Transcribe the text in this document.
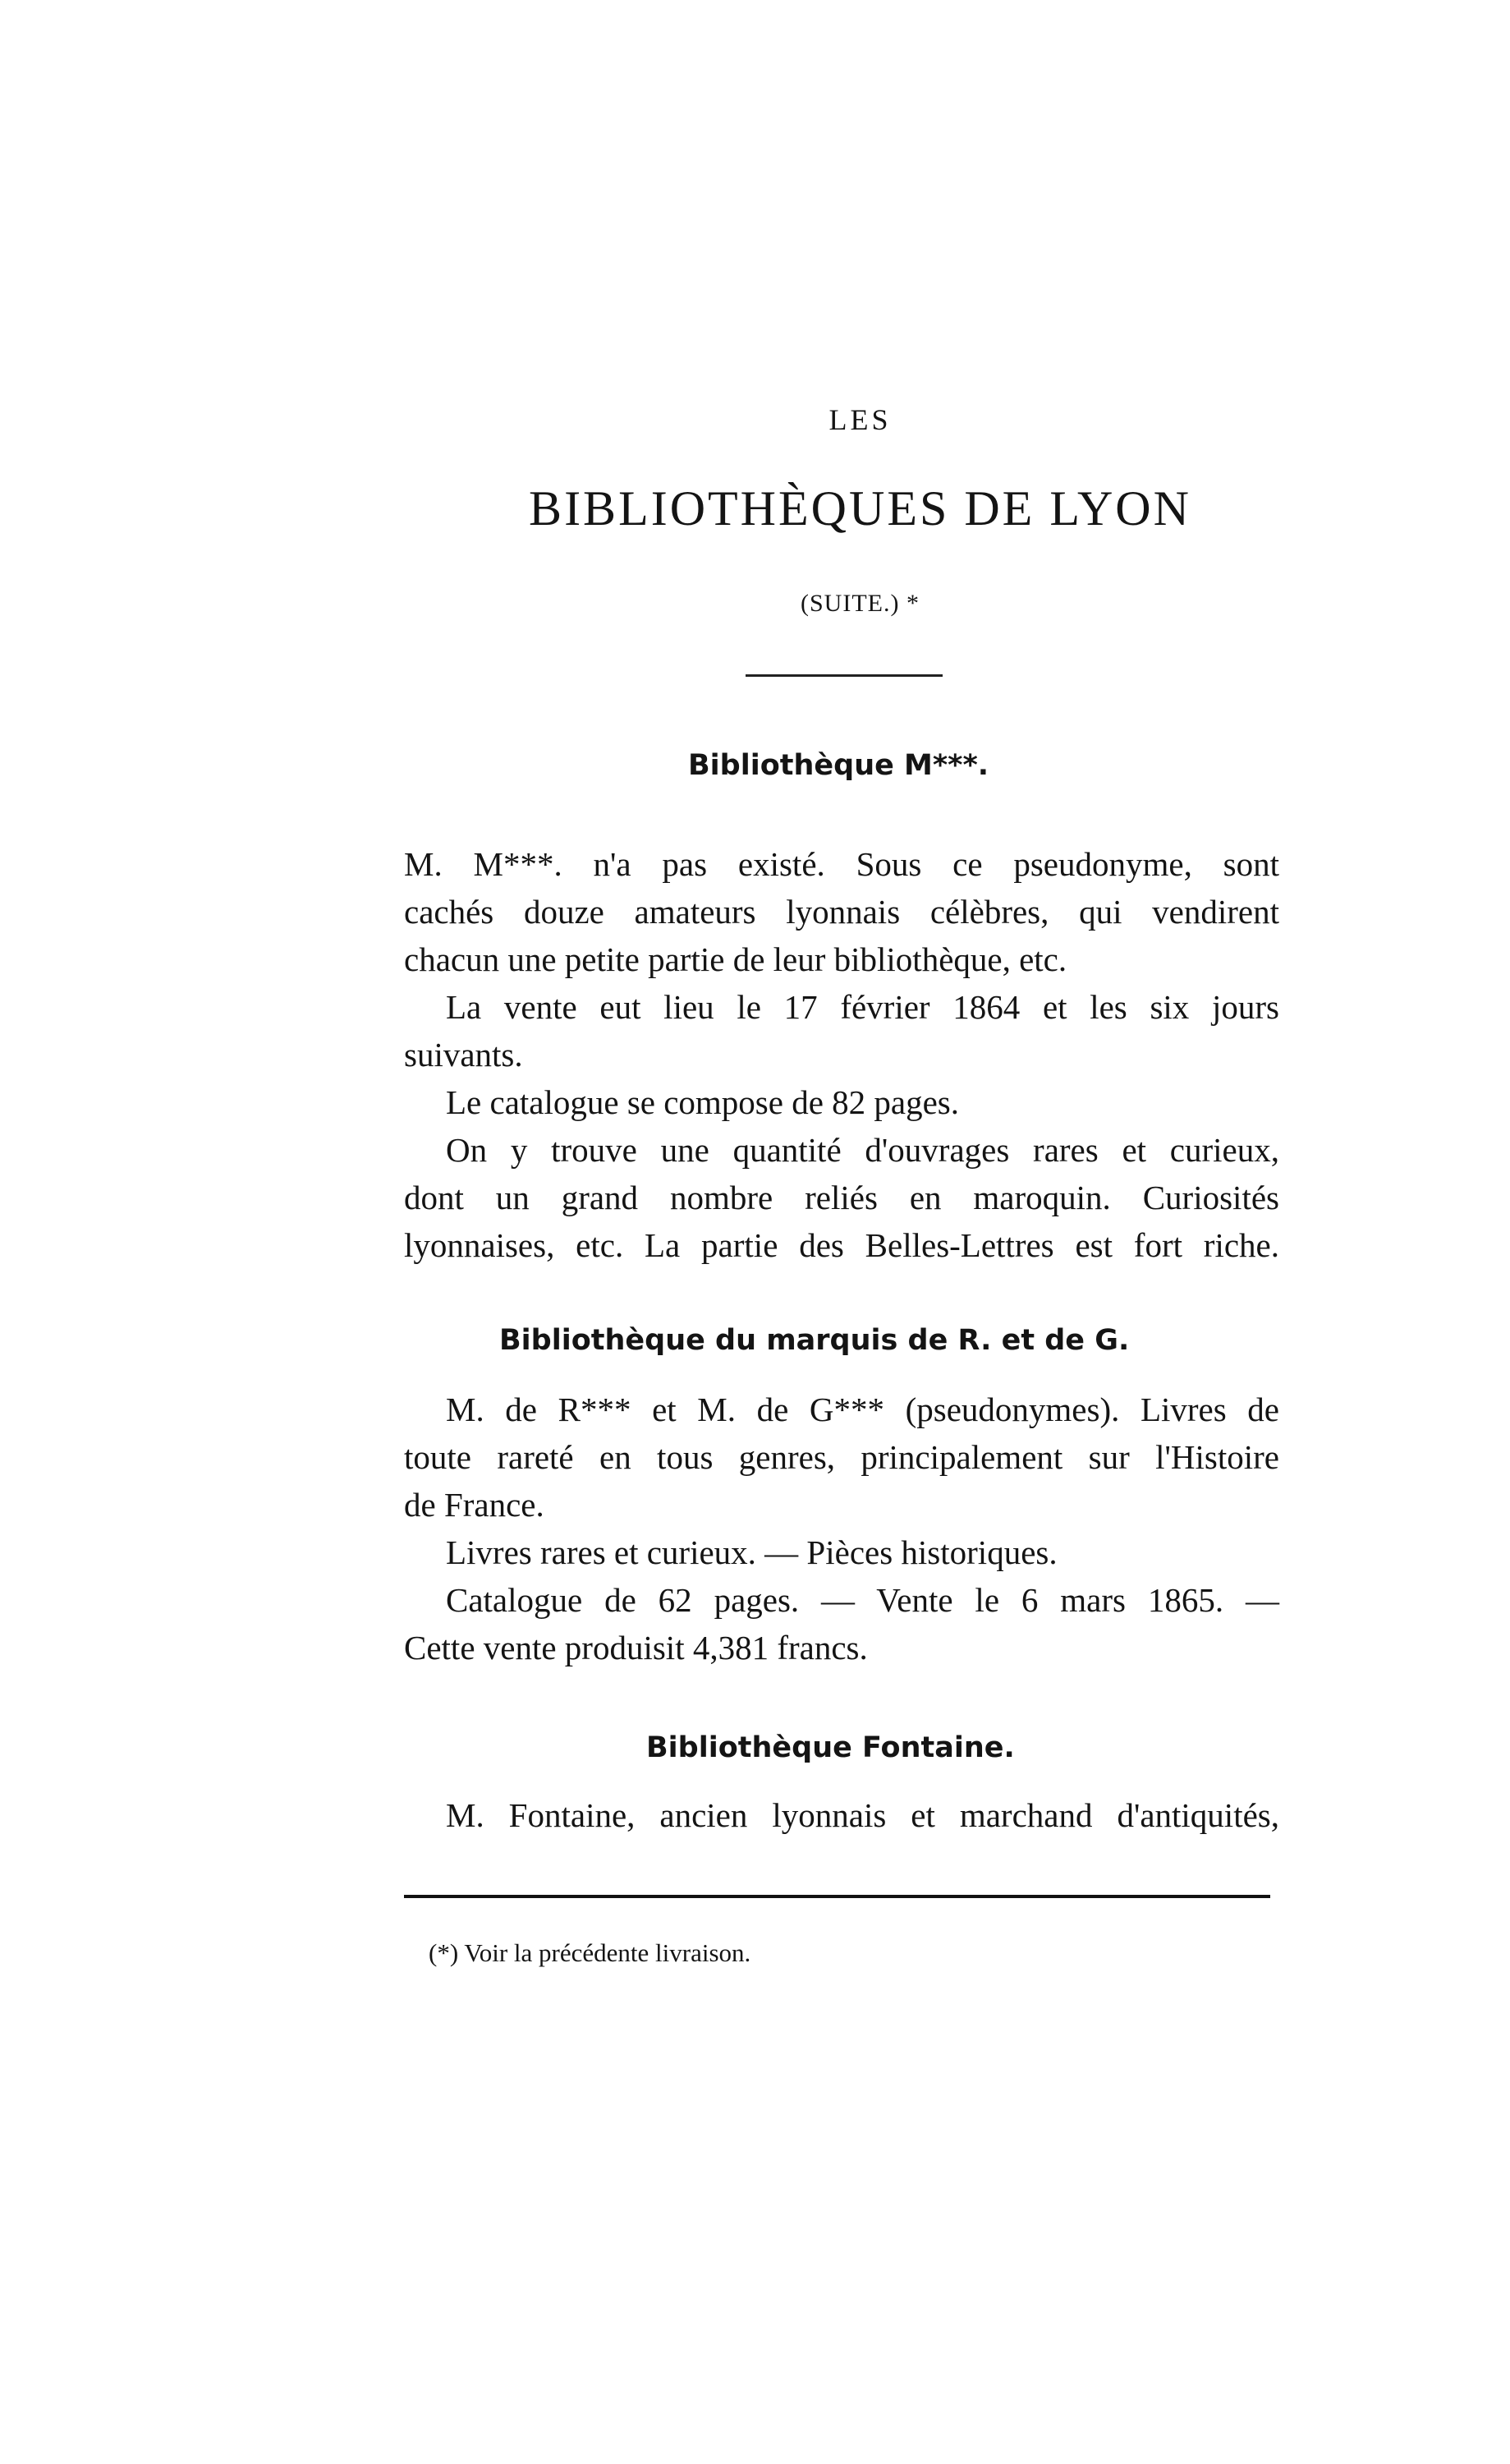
LES
BIBLIOTHÈQUES DE LYON
(SUITE.) *
Bibliothèque M***.
M. M***. n'a pas existé. Sous ce pseudonyme, sont
cachés douze amateurs lyonnais célèbres, qui vendirent
chacun une petite partie de leur bibliothèque, etc.
La vente eut lieu le 17 février 1864 et les six jours
suivants.
Le catalogue se compose de 82 pages.
On y trouve une quantité d'ouvrages rares et curieux,
dont un grand nombre reliés en maroquin. Curiosités
lyonnaises, etc. La partie des Belles-Lettres est fort riche.
Bibliothèque du marquis de R. et de G.
M. de R*** et M. de G*** (pseudonymes). Livres de
toute rareté en tous genres, principalement sur l'Histoire
de France.
Livres rares et curieux. — Pièces historiques.
Catalogue de 62 pages. — Vente le 6 mars 1865. —
Cette vente produisit 4,381 francs.
Bibliothèque Fontaine.
M. Fontaine, ancien lyonnais et marchand d'antiquités,
(*) Voir la précédente livraison.
